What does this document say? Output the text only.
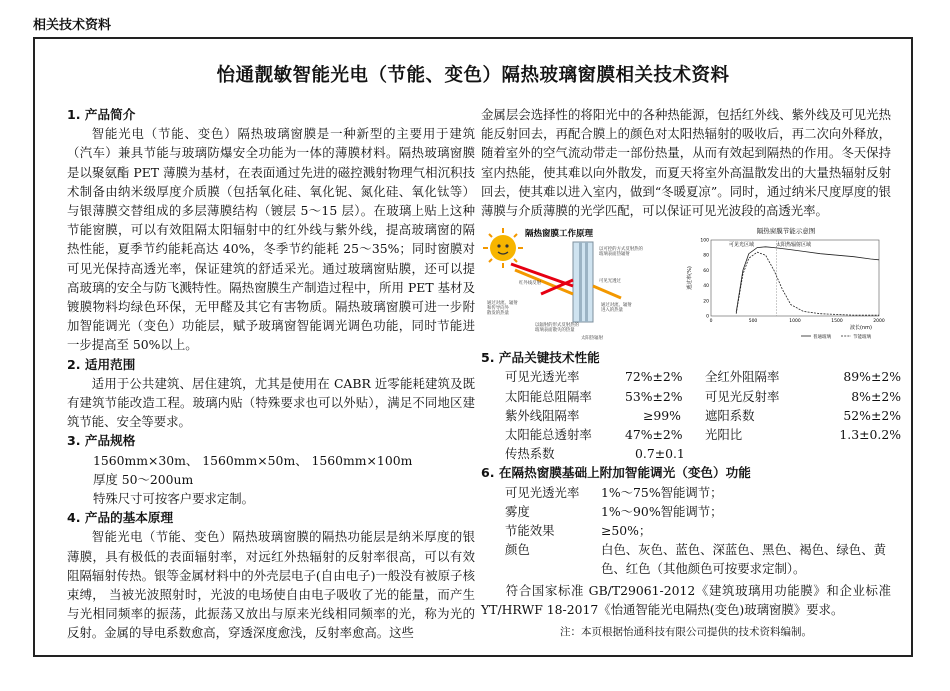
相关技术资料
怡通靓敏智能光电（节能、变色）隔热玻璃窗膜相关技术资料

1. 产品简介

智能光电（节能、变色）隔热玻璃窗膜是一种新型的主要用于建筑（汽车）兼具节能与玻璃防爆安全功能为一体的薄膜材料。隔热玻璃窗膜是以聚氨酯 PET 薄膜为基材，在表面通过先进的磁控溅射物理气相沉积技术制备由纳米级厚度介质膜（包括氧化硅、氧化铌、氮化硅、氧化钛等）与银薄膜交替组成的多层薄膜结构（镀层 5～15 层）。在玻璃上贴上这种节能窗膜，可以有效阻隔太阳辐射中的红外线与紫外线，提高玻璃窗的隔热性能，夏季节约能耗高达 40%，冬季节约能耗 25～35%；同时窗膜对可见光保持高透光率，保证建筑的舒适采光。通过玻璃窗贴膜，还可以提高玻璃的安全与防飞溅特性。隔热窗膜生产制造过程中，所用 PET 基材及镀膜物料均绿色环保，无甲醛及其它有害物质。隔热玻璃窗膜可进一步附加智能调光（变色）功能层，赋予玻璃窗智能调光调色功能，同时节能进一步提高至 50%以上。

2. 适用范围

适用于公共建筑、居住建筑，尤其是使用在 CABR 近零能耗建筑及既有建筑节能改造工程。玻璃内贴（特殊要求也可以外贴），满足不同地区建筑节能、安全等要求。

3. 产品规格

1560mm×30m、 1560mm×50m、 1560mm×100m

厚度 50～200um

特殊尺寸可按客户要求定制。

4. 产品的基本原理

智能光电（节能、变色）隔热玻璃窗膜的隔热功能层是纳米厚度的银薄膜，具有极低的表面辐射率，对远红外热辐射的反射率很高，可以有效阻隔辐射传热。银等金属材料中的外壳层电子(自由电子)一般没有被原子核束缚， 当被光波照射时，光波的电场使自由电子吸收了光的能量，而产生与光相同频率的振荡，此振荡又放出与原来光线相同频率的光，称为光的反射。金属的导电系数愈高，穿透深度愈浅，反射率愈高。这些

金属层会选择性的将阳光中的各种热能源，包括红外线、紫外线及可见光热能反射回去，再配合膜上的颜色对太阳热辐射的吸收后，再二次向外释放，随着室外的空气流动带走一部份热量，从而有效起到隔热的作用。冬天保持室内热能，使其难以向外散发，而夏天将室外高温散发出的大量热辐射反射回去，使其难以进入室内，做到“冬暖夏凉”。同时，通过纳米尺度厚度的银薄膜与介质薄膜的光学匹配，可以保证可见光波段的高透光率。

隔热窗膜工作原理
以可控的方式反射热的
玻璃表面热辐射
红外线反射	可见光透过
通过对流、辐射
和传导向外
散发的热量
通过对流、辐射
进入的热量
以辐射的形式反射热的
玻璃表面散失的热量
太阳热辐射
隔热窗膜节能示意图
0	500	1000	1500	2000
0
20
40
60
80
100
透过率(%)
波长(nm)
可见光区域	太阳热辐射区域
普通玻璃	节能玻璃

5. 产品关键技术性能

可见光透光率	72%±2%	全红外阻隔率	89%±2%
太阳能总阻隔率	53%±2%	可见光反射率	8%±2%
紫外线阻隔率	≥99%	遮阳系数	52%±2%
太阳能总透射率	47%±2%	光阳比	1.3±0.2%
传热系数	0.7±0.1

6. 在隔热窗膜基础上附加智能调光（变色）功能

可见光透光率	1%～75%智能调节；
雾度	1%～90%智能调节；
节能效果	≥50%；
颜色	白色、灰色、蓝色、深蓝色、黑色、褐色、绿色、黄色、红色（其他颜色可按要求定制）。

符合国家标准 GB/T29061-2012《建筑玻璃用功能膜》和企业标准 YT/HRWF 18-2017《怡通智能光电隔热(变色)玻璃窗膜》要求。

注：本页根据怡通科技有限公司提供的技术资料编制。
